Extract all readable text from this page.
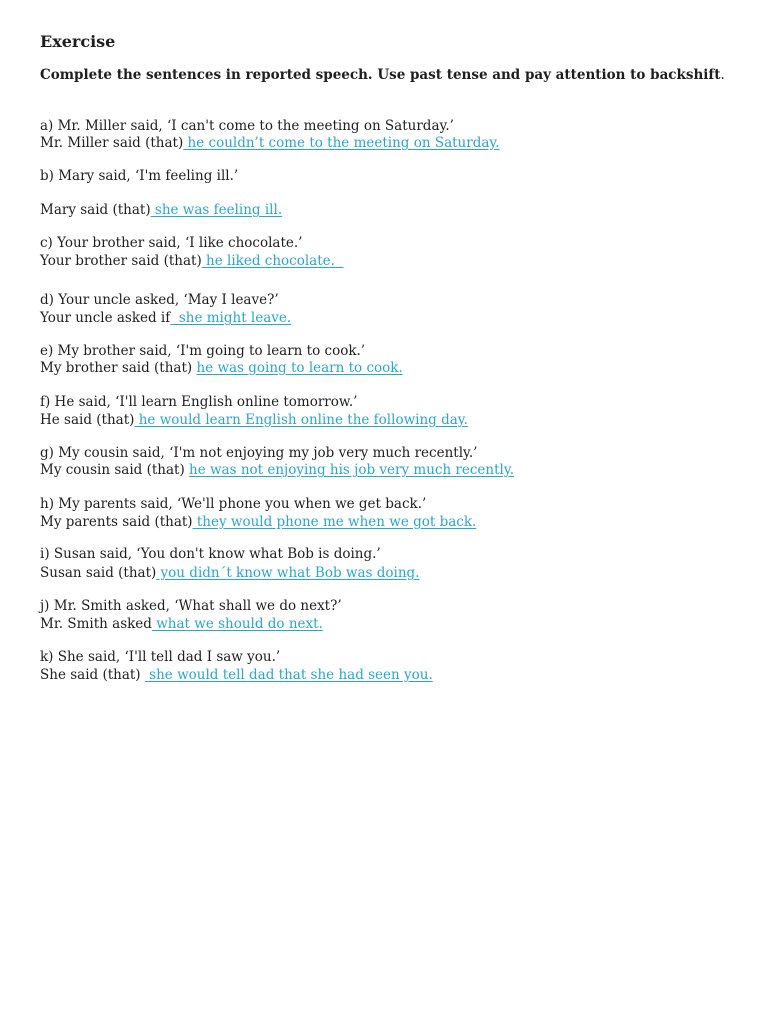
Exercise

Complete the sentences in reported speech. Use past tense and pay attention to backshift.

a) Mr. Miller said, ‘I can't come to the meeting on Saturday.’

Mr. Miller said (that) he couldn’t come to the meeting on Saturday.

b) Mary said, ‘I'm feeling ill.’

Mary said (that) she was feeling ill.

c) Your brother said, ‘I like chocolate.’

Your brother said (that) he liked chocolate.

d) Your uncle asked, ‘May I leave?’

Your uncle asked if  she might leave.

e) My brother said, ‘I'm going to learn to cook.’

My brother said (that) he was going to learn to cook.

f) He said, ‘I'll learn English online tomorrow.’

He said (that) he would learn English online the following day.

g) My cousin said, ‘I'm not enjoying my job very much recently.’

My cousin said (that) he was not enjoying his job very much recently.

h) My parents said, ‘We'll phone you when we get back.’

My parents said (that) they would phone me when we got back.

i) Susan said, ‘You don't know what Bob is doing.’

Susan said (that) you didn´t know what Bob was doing.

j) Mr. Smith asked, ‘What shall we do next?’

Mr. Smith asked what we should do next.

k) She said, ‘I'll tell dad I saw you.’

She said (that)  she would tell dad that she had seen you.
